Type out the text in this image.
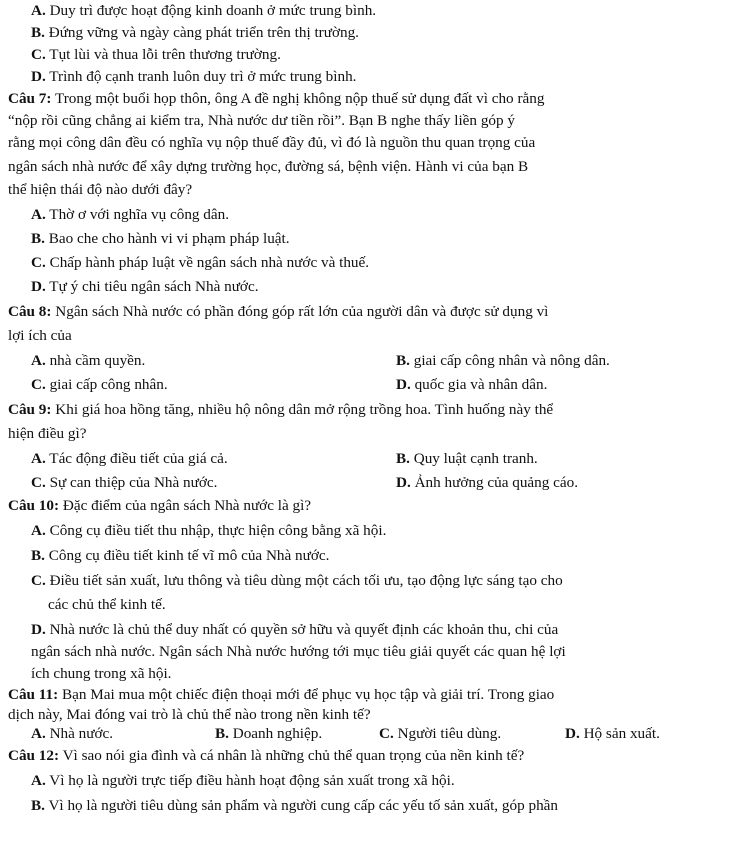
A. Duy trì được hoạt động kinh doanh ở mức trung bình.
B. Đứng vững và ngày càng phát triển trên thị trường.
C. Tụt lùi và thua lỗi trên thương trường.
D. Trình độ cạnh tranh luôn duy trì ở mức trung bình.
Câu 7: Trong một buổi họp thôn, ông A đề nghị không nộp thuế sử dụng đất vì cho rằng
“nộp rồi cũng chẳng ai kiểm tra, Nhà nước dư tiền rồi”. Bạn B nghe thấy liền góp ý
rằng mọi công dân đều có nghĩa vụ nộp thuế đầy đủ, vì đó là nguồn thu quan trọng của
ngân sách nhà nước để xây dựng trường học, đường sá, bệnh viện. Hành vi của bạn B
thể hiện thái độ nào dưới đây?
A. Thờ ơ với nghĩa vụ công dân.
B. Bao che cho hành vi vi phạm pháp luật.
C. Chấp hành pháp luật về ngân sách nhà nước và thuế.
D. Tự ý chi tiêu ngân sách Nhà nước.
Câu 8: Ngân sách Nhà nước có phần đóng góp rất lớn của người dân và được sử dụng vì
lợi ích của
A. nhà cầm quyền.	B. giai cấp công nhân và nông dân.
C. giai cấp công nhân.	D. quốc gia và nhân dân.
Câu 9: Khi giá hoa hồng tăng, nhiều hộ nông dân mở rộng trồng hoa. Tình huống này thể
hiện điều gì?
A. Tác động điều tiết của giá cả.	B. Quy luật cạnh tranh.
C. Sự can thiệp của Nhà nước.	D. Ảnh hưởng của quảng cáo.
Câu 10: Đặc điểm của ngân sách Nhà nước là gì?
A. Công cụ điều tiết thu nhập, thực hiện công bằng xã hội.
B. Công cụ điều tiết kinh tế vĩ mô của Nhà nước.
C. Điều tiết sản xuất, lưu thông và tiêu dùng một cách tối ưu, tạo động lực sáng tạo cho
các chủ thể kinh tế.
D. Nhà nước là chủ thể duy nhất có quyền sở hữu và quyết định các khoản thu, chi của
ngân sách nhà nước. Ngân sách Nhà nước hướng tới mục tiêu giải quyết các quan hệ lợi
ích chung trong xã hội.
Câu 11: Bạn Mai mua một chiếc điện thoại mới để phục vụ học tập và giải trí. Trong giao
dịch này, Mai đóng vai trò là chủ thể nào trong nền kinh tế?
A. Nhà nước.	B. Doanh nghiệp.	C. Người tiêu dùng.	D. Hộ sản xuất.
Câu 12: Vì sao nói gia đình và cá nhân là những chủ thể quan trọng của nền kinh tế?
A. Vì họ là người trực tiếp điều hành hoạt động sản xuất trong xã hội.
B. Vì họ là người tiêu dùng sản phẩm và người cung cấp các yếu tố sản xuất, góp phần
